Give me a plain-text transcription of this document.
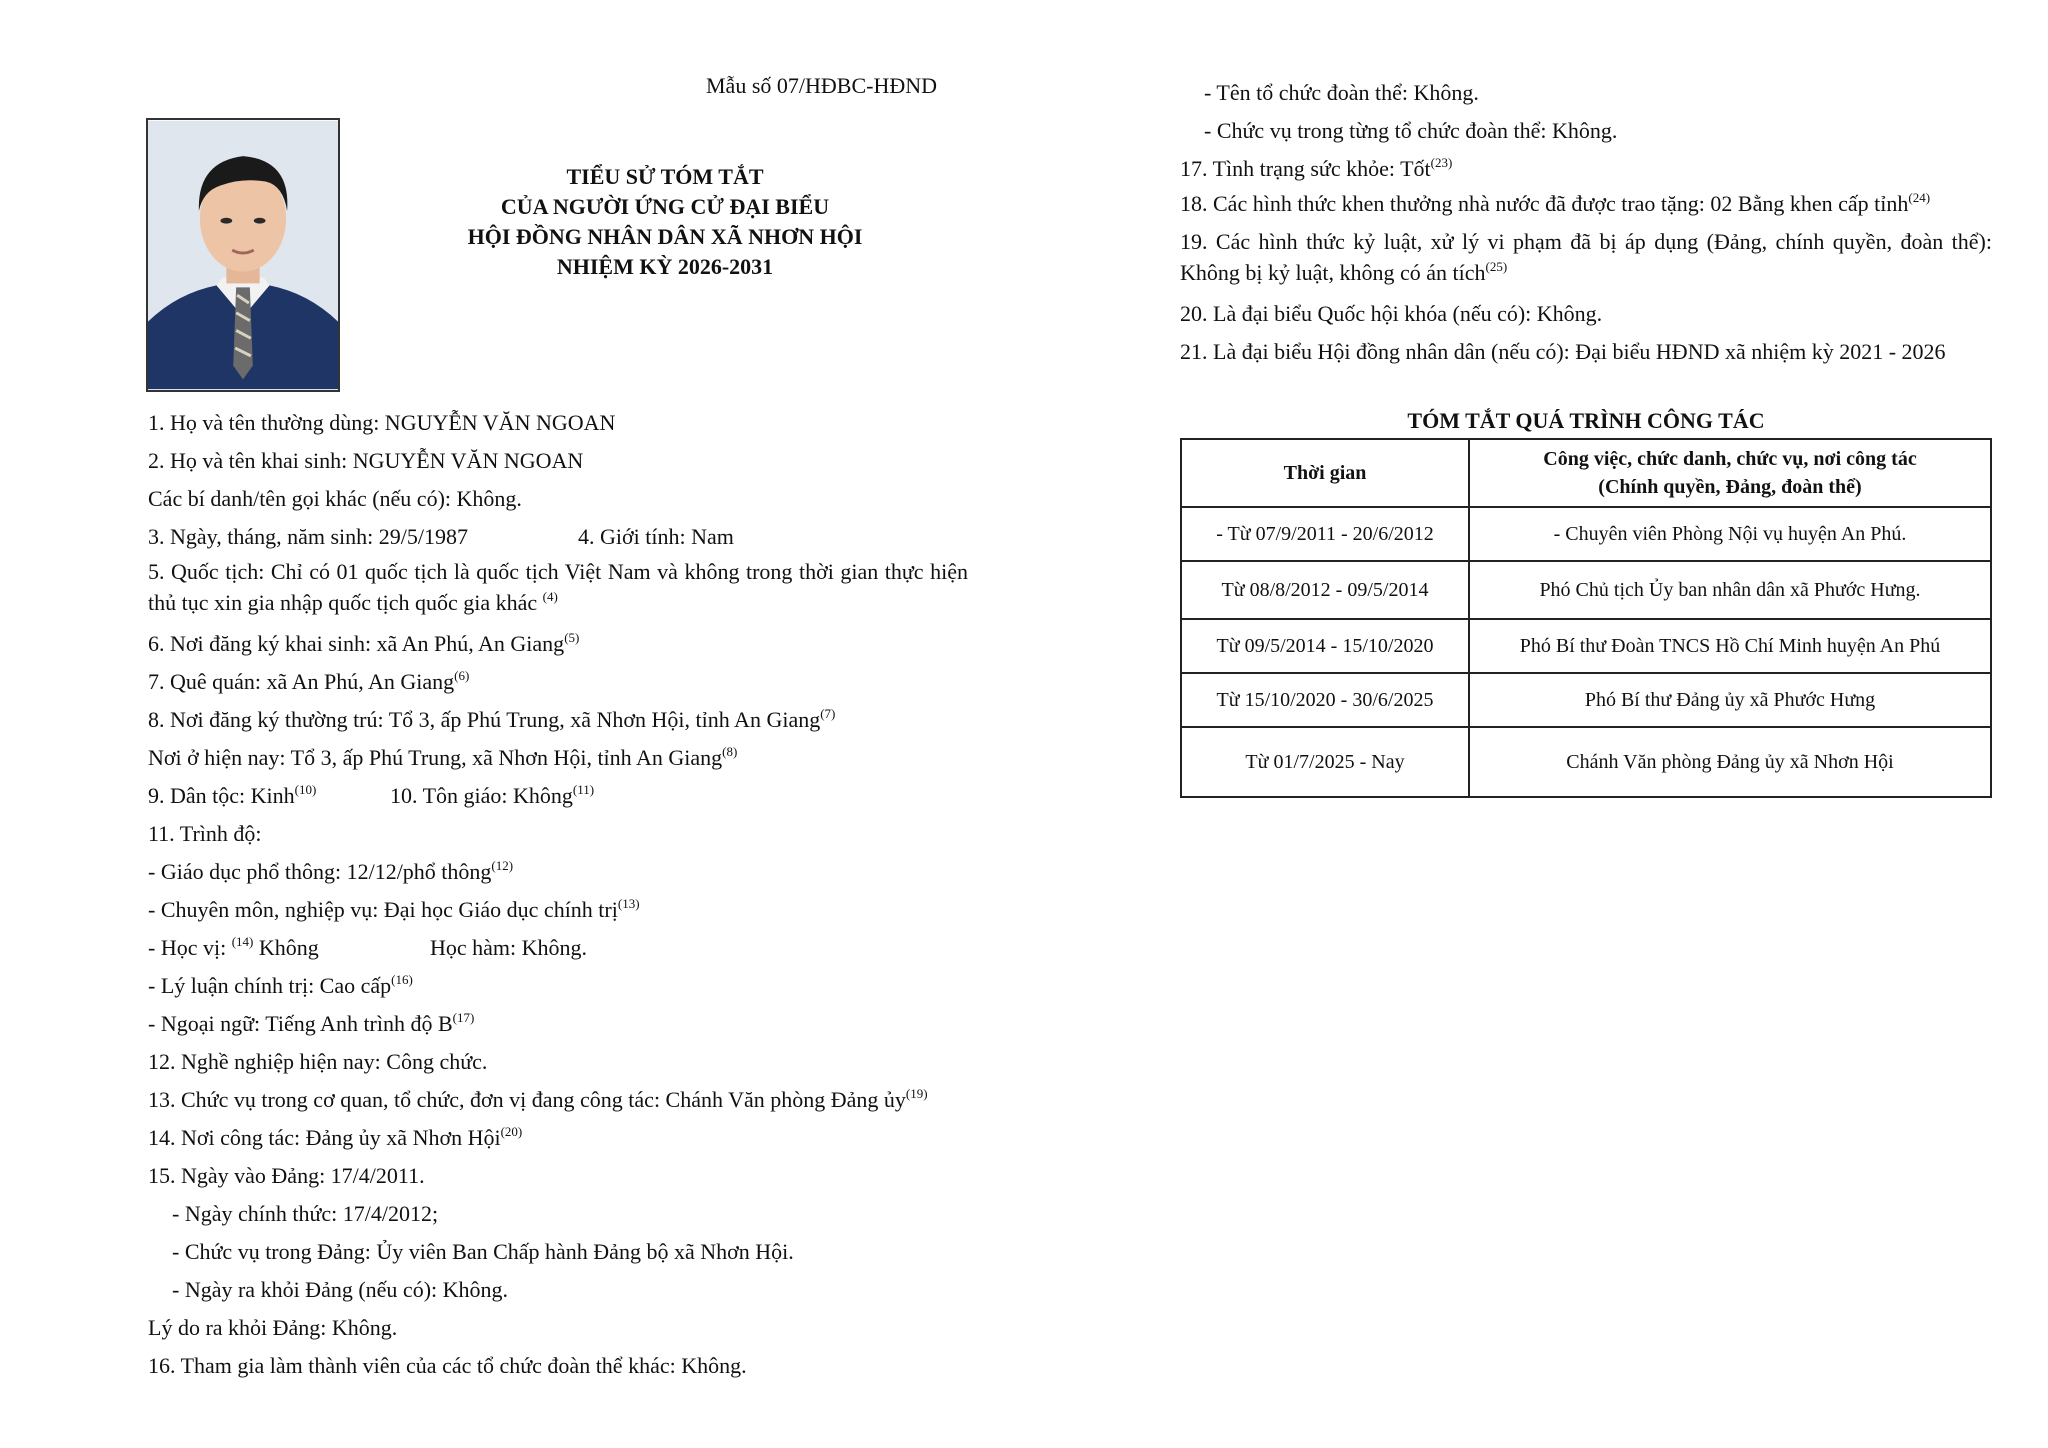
Mẫu số 07/HĐBC-HĐND
TIỂU SỬ TÓM TẮT
CỦA NGƯỜI ỨNG CỬ ĐẠI BIỂU
HỘI ĐỒNG NHÂN DÂN XÃ NHƠN HỘI
NHIỆM KỲ 2026-2031
1. Họ và tên thường dùng: NGUYỄN VĂN NGOAN
2. Họ và tên khai sinh: NGUYỄN VĂN NGOAN
Các bí danh/tên gọi khác (nếu có): Không.
3. Ngày, tháng, năm sinh: 29/5/1987	4. Giới tính: Nam
5. Quốc tịch: Chỉ có 01 quốc tịch là quốc tịch Việt Nam và không trong thời gian thực hiện thủ tục xin gia nhập quốc tịch quốc gia khác $^{(4)}$
6. Nơi đăng ký khai sinh: xã An Phú, An Giang$^{(5)}$
7. Quê quán: xã An Phú, An Giang$^{(6)}$
8. Nơi đăng ký thường trú: Tổ 3, ấp Phú Trung, xã Nhơn Hội, tỉnh An Giang$^{(7)}$
Nơi ở hiện nay: Tổ 3, ấp Phú Trung, xã Nhơn Hội, tỉnh An Giang$^{(8)}$
9. Dân tộc: Kinh$^{(10)}$	10. Tôn giáo: Không$^{(11)}$
11. Trình độ:
- Giáo dục phổ thông: 12/12/phổ thông$^{(12)}$
- Chuyên môn, nghiệp vụ: Đại học Giáo dục chính trị$^{(13)}$
- Học vị: $^{(14)}$ Không	Học hàm: Không.
- Lý luận chính trị: Cao cấp$^{(16)}$
- Ngoại ngữ: Tiếng Anh trình độ $B^{(17)}$
12. Nghề nghiệp hiện nay: Công chức.
13. Chức vụ trong cơ quan, tổ chức, đơn vị đang công tác: Chánh Văn phòng Đảng ủy$^{(19)}$
14. Nơi công tác: Đảng ủy xã Nhơn Hội$^{(20)}$
15. Ngày vào Đảng: 17/4/2011.
- Ngày chính thức: 17/4/2012;
- Chức vụ trong Đảng: Ủy viên Ban Chấp hành Đảng bộ xã Nhơn Hội.
- Ngày ra khỏi Đảng (nếu có): Không.
Lý do ra khỏi Đảng: Không.
16. Tham gia làm thành viên của các tổ chức đoàn thể khác: Không.
- Tên tổ chức đoàn thể: Không.
- Chức vụ trong từng tổ chức đoàn thể: Không.
17. Tình trạng sức khỏe: Tốt$^{(23)}$
18. Các hình thức khen thưởng nhà nước đã được trao tặng: 02 Bằng khen cấp tỉnh$^{(24)}$
19. Các hình thức kỷ luật, xử lý vi phạm đã bị áp dụng (Đảng, chính quyền, đoàn thể): Không bị kỷ luật, không có án tích$^{(25)}$
20. Là đại biểu Quốc hội khóa (nếu có): Không.
21. Là đại biểu Hội đồng nhân dân (nếu có): Đại biểu HĐND xã nhiệm kỳ 2021 - 2026
TÓM TẮT QUÁ TRÌNH CÔNG TÁC
Thời gian	Công việc, chức danh, chức vụ, nơi công tác
(Chính quyền, Đảng, đoàn thể)

- Từ 07/9/2011 - 20/6/2012	- Chuyên viên Phòng Nội vụ huyện An Phú.
Từ 08/8/2012 - 09/5/2014	Phó Chủ tịch Ủy ban nhân dân xã Phước Hưng.
Từ 09/5/2014 - 15/10/2020	Phó Bí thư Đoàn TNCS Hồ Chí Minh huyện An Phú
Từ 15/10/2020 - 30/6/2025	Phó Bí thư Đảng ủy xã Phước Hưng
Từ 01/7/2025 - Nay	Chánh Văn phòng Đảng ủy xã Nhơn Hội
